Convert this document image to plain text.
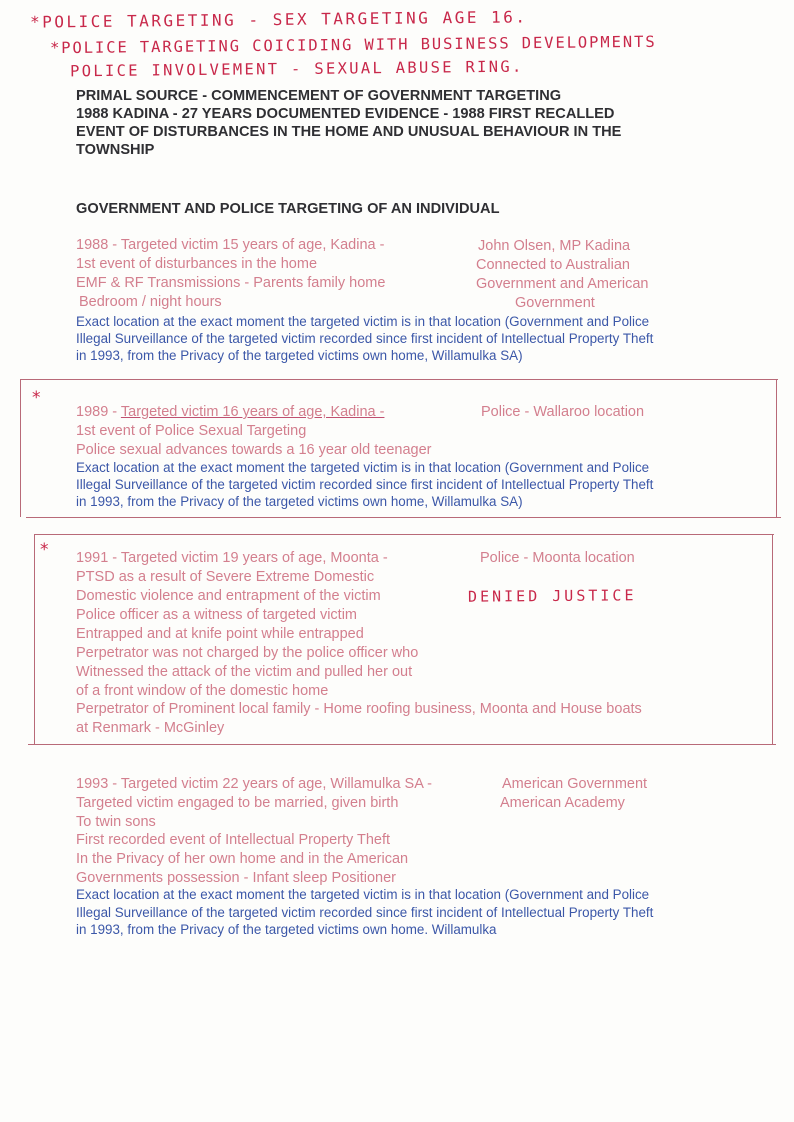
*POLICE TARGETING - SEX TARGETING AGE 16.
*POLICE TARGETING COICIDING WITH BUSINESS DEVELOPMENTS
POLICE INVOLVEMENT - SEXUAL ABUSE RING.
PRIMAL SOURCE - COMMENCEMENT OF GOVERNMENT TARGETING
1988 KADINA - 27 YEARS DOCUMENTED EVIDENCE - 1988 FIRST RECALLED
EVENT OF DISTURBANCES IN THE HOME AND UNUSUAL BEHAVIOUR IN THE
TOWNSHIP
GOVERNMENT AND POLICE TARGETING OF AN INDIVIDUAL
1988 - Targeted victim 15 years of age, Kadina -
1st event of disturbances in the home
EMF & RF Transmissions - Parents family home
Bedroom / night hours
John Olsen, MP Kadina
Connected to Australian
Government and American
Government
Exact location at the exact moment the targeted victim is in that location (Government and Police
Illegal Surveillance of the targeted victim recorded since first incident of Intellectual Property Theft
in 1993, from the Privacy of the targeted victims own home, Willamulka SA)
*
1989 - Targeted victim 16 years of age, Kadina -
1st event of Police Sexual Targeting
Police sexual advances towards a 16 year old teenager
Police - Wallaroo location
Exact location at the exact moment the targeted victim is in that location (Government and Police
Illegal Surveillance of the targeted victim recorded since first incident of Intellectual Property Theft
in 1993, from the Privacy of the targeted victims own home, Willamulka SA)
* 1991 - Targeted victim 19 years of age, Moonta -	Police - Moonta location
PTSD as a result of Severe Extreme Domestic
Domestic violence and entrapment of the victim	DENIED JUSTICE
Police officer as a witness of targeted victim
Entrapped and at knife point while entrapped
Perpetrator was not charged by the police officer who
Witnessed the attack of the victim and pulled her out
of a front window of the domestic home
Perpetrator of Prominent local family - Home roofing business, Moonta and House boats
at Renmark - McGinley
1993 - Targeted victim 22 years of age, Willamulka SA -	American Government
Targeted victim engaged to be married, given birth	American Academy
To twin sons
First recorded event of Intellectual Property Theft
In the Privacy of her own home and in the American
Governments possession - Infant sleep Positioner
Exact location at the exact moment the targeted victim is in that location (Government and Police
Illegal Surveillance of the targeted victim recorded since first incident of Intellectual Property Theft
in 1993, from the Privacy of the targeted victims own home. Willamulka
